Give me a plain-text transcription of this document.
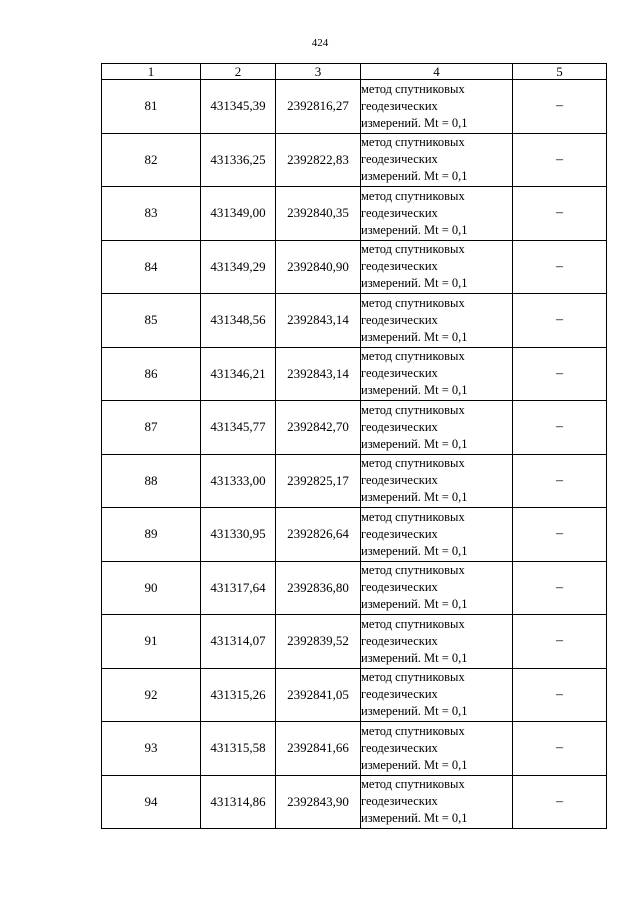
424
1	2	3	4	5
81	431345,39	2392816,27	метод спутниковых
геодезических
измерений. Mt = 0,1	–
82	431336,25	2392822,83	метод спутниковых
геодезических
измерений. Mt = 0,1	–
83	431349,00	2392840,35	метод спутниковых
геодезических
измерений. Mt = 0,1	–
84	431349,29	2392840,90	метод спутниковых
геодезических
измерений. Mt = 0,1	–
85	431348,56	2392843,14	метод спутниковых
геодезических
измерений. Mt = 0,1	–
86	431346,21	2392843,14	метод спутниковых
геодезических
измерений. Mt = 0,1	–
87	431345,77	2392842,70	метод спутниковых
геодезических
измерений. Mt = 0,1	–
88	431333,00	2392825,17	метод спутниковых
геодезических
измерений. Mt = 0,1	–
89	431330,95	2392826,64	метод спутниковых
геодезических
измерений. Mt = 0,1	–
90	431317,64	2392836,80	метод спутниковых
геодезических
измерений. Mt = 0,1	–
91	431314,07	2392839,52	метод спутниковых
геодезических
измерений. Mt = 0,1	–
92	431315,26	2392841,05	метод спутниковых
геодезических
измерений. Mt = 0,1	–
93	431315,58	2392841,66	метод спутниковых
геодезических
измерений. Mt = 0,1	–
94	431314,86	2392843,90	метод спутниковых
геодезических
измерений. Mt = 0,1	–
